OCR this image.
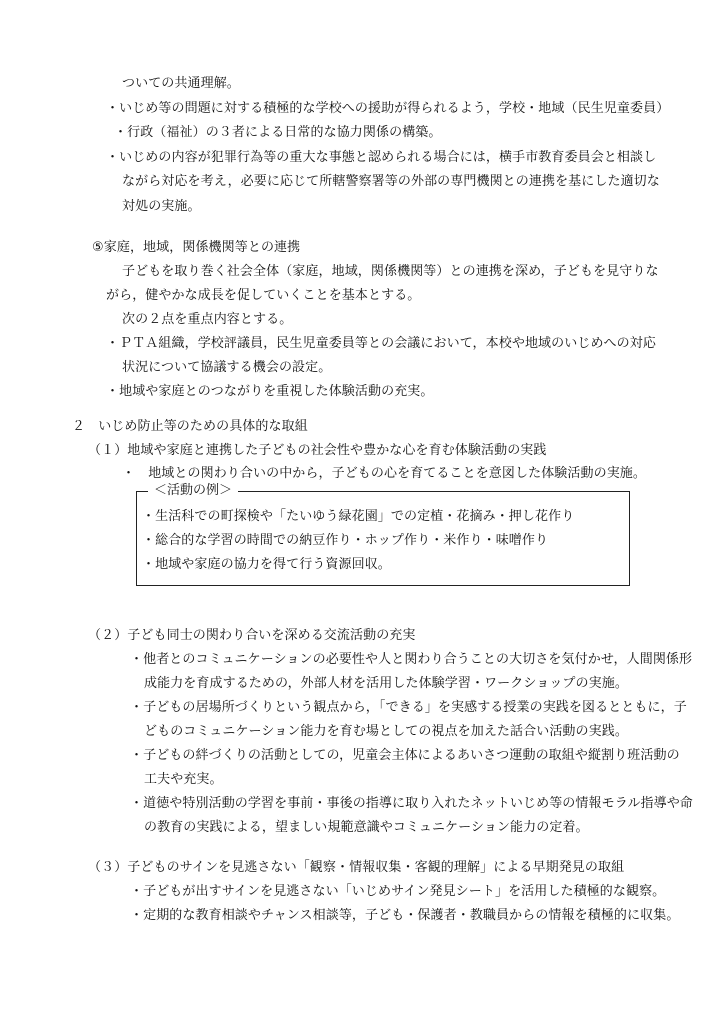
ついての共通理解。
・いじめ等の問題に対する積極的な学校への援助が得られるよう，学校・地域（民生児童委員）
・行政（福祉）の３者による日常的な協力関係の構築。
・いじめの内容が犯罪行為等の重大な事態と認められる場合には，横手市教育委員会と相談し
ながら対応を考え，必要に応じて所轄警察署等の外部の専門機関との連携を基にした適切な
対処の実施。
⑤家庭，地域，関係機関等との連携
子どもを取り巻く社会全体（家庭，地域，関係機関等）との連携を深め，子どもを見守りな
がら，健やかな成長を促していくことを基本とする。
次の２点を重点内容とする。
・ＰＴＡ組織，学校評議員，民生児童委員等との会議において，本校や地域のいじめへの対応
状況について協議する機会の設定。
・地域や家庭とのつながりを重視した体験活動の充実。
２　いじめ防止等のための具体的な取組
（１）地域や家庭と連携した子どもの社会性や豊かな心を育む体験活動の実践
・　地域との関わり合いの中から，子どもの心を育てることを意図した体験活動の実施。
＜活動の例＞
・生活科での町探検や「たいゆう緑花園」での定植・花摘み・押し花作り
・総合的な学習の時間での納豆作り・ホップ作り・米作り・味噌作り
・地域や家庭の協力を得て行う資源回収。
（２）子ども同士の関わり合いを深める交流活動の充実
・他者とのコミュニケーションの必要性や人と関わり合うことの大切さを気付かせ，人間関係形
成能力を育成するための，外部人材を活用した体験学習・ワークショップの実施。
・子どもの居場所づくりという観点から，「できる」を実感する授業の実践を図るとともに，子
どものコミュニケーション能力を育む場としての視点を加えた話合い活動の実践。
・子どもの絆づくりの活動としての，児童会主体によるあいさつ運動の取組や縦割り班活動の
工夫や充実。
・道徳や特別活動の学習を事前・事後の指導に取り入れたネットいじめ等の情報モラル指導や命
の教育の実践による，望ましい規範意識やコミュニケーション能力の定着。
（３）子どものサインを見逃さない「観察・情報収集・客観的理解」による早期発見の取組
・子どもが出すサインを見逃さない「いじめサイン発見シート」を活用した積極的な観察。
・定期的な教育相談やチャンス相談等，子ども・保護者・教職員からの情報を積極的に収集。
